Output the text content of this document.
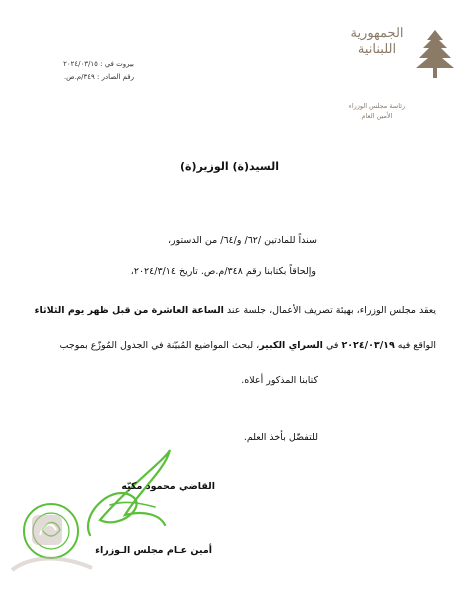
بيروت في : ٢٠٢٤/٠٣/١٥
رقم الصادر : ٣٤٩/م.ص.
الجمهورية
اللبنانية
رئاسة مجلس الوزراء
الأمين العام
السيد(ة) الوزير(ة)
سنداً للمادتين /٦٢/ و/٦٤/ من الدستور،
وإلحاقاً بكتابنا رقم ٣٤٨/م.ص. تاريخ ٢٠٢٤/٣/١٤،
يعقد مجلس الوزراء، بهيئة تصريف الأعمال، جلسة عند الساعة العاشرة من قبل ظهر يوم الثلاثاء
الواقع فيه ٢٠٢٤/٠٣/١٩ في السراي الكبير، لبحث المواضيع المُبيّنة في الجدول المُوزّع بموجب
كتابنا المذكور أعلاه.
للتفضّل بأخذ العلم.
القاضي محمود مكيّه
أمين عـام مجلس الـوزراء
